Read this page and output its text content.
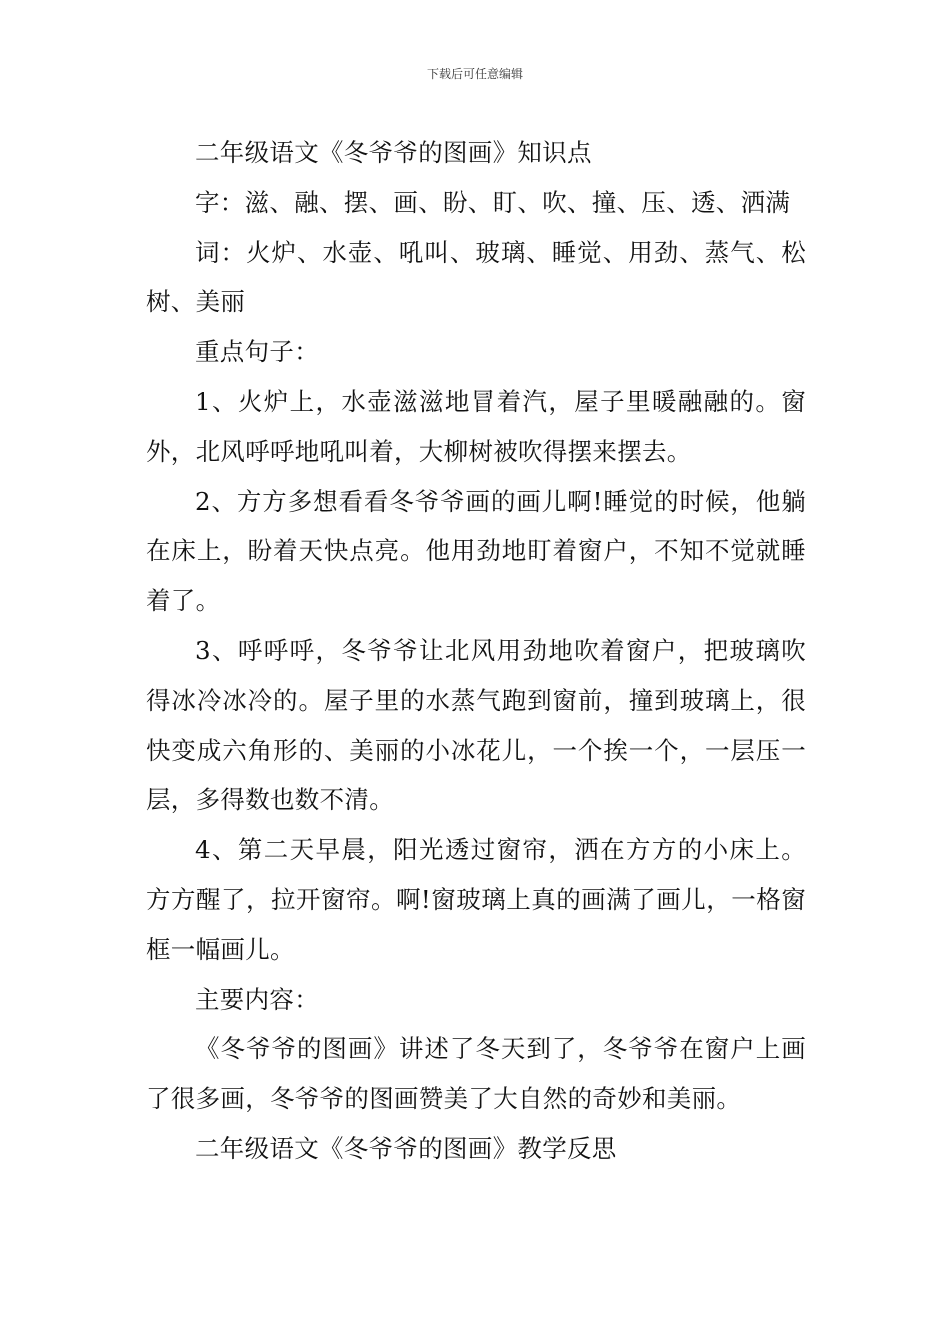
下载后可任意编辑

二年级语文《冬爷爷的图画》知识点

字：滋、融、摆、画、盼、盯、吹、撞、压、透、洒满

词：火炉、水壶、吼叫、玻璃、睡觉、用劲、蒸气、松树、美丽

重点句子：

1、火炉上，水壶滋滋地冒着汽，屋子里暖融融的。窗外，北风呼呼地吼叫着，大柳树被吹得摆来摆去。

2、方方多想看看冬爷爷画的画儿啊!睡觉的时候，他躺在床上，盼着天快点亮。他用劲地盯着窗户，不知不觉就睡着了。

3、呼呼呼，冬爷爷让北风用劲地吹着窗户，把玻璃吹得冰冷冰冷的。屋子里的水蒸气跑到窗前，撞到玻璃上，很快变成六角形的、美丽的小冰花儿，一个挨一个，一层压一层，多得数也数不清。

4、第二天早晨，阳光透过窗帘，洒在方方的小床上。方方醒了，拉开窗帘。啊!窗玻璃上真的画满了画儿，一格窗框一幅画儿。

主要内容：

《冬爷爷的图画》讲述了冬天到了，冬爷爷在窗户上画了很多画，冬爷爷的图画赞美了大自然的奇妙和美丽。

二年级语文《冬爷爷的图画》教学反思
